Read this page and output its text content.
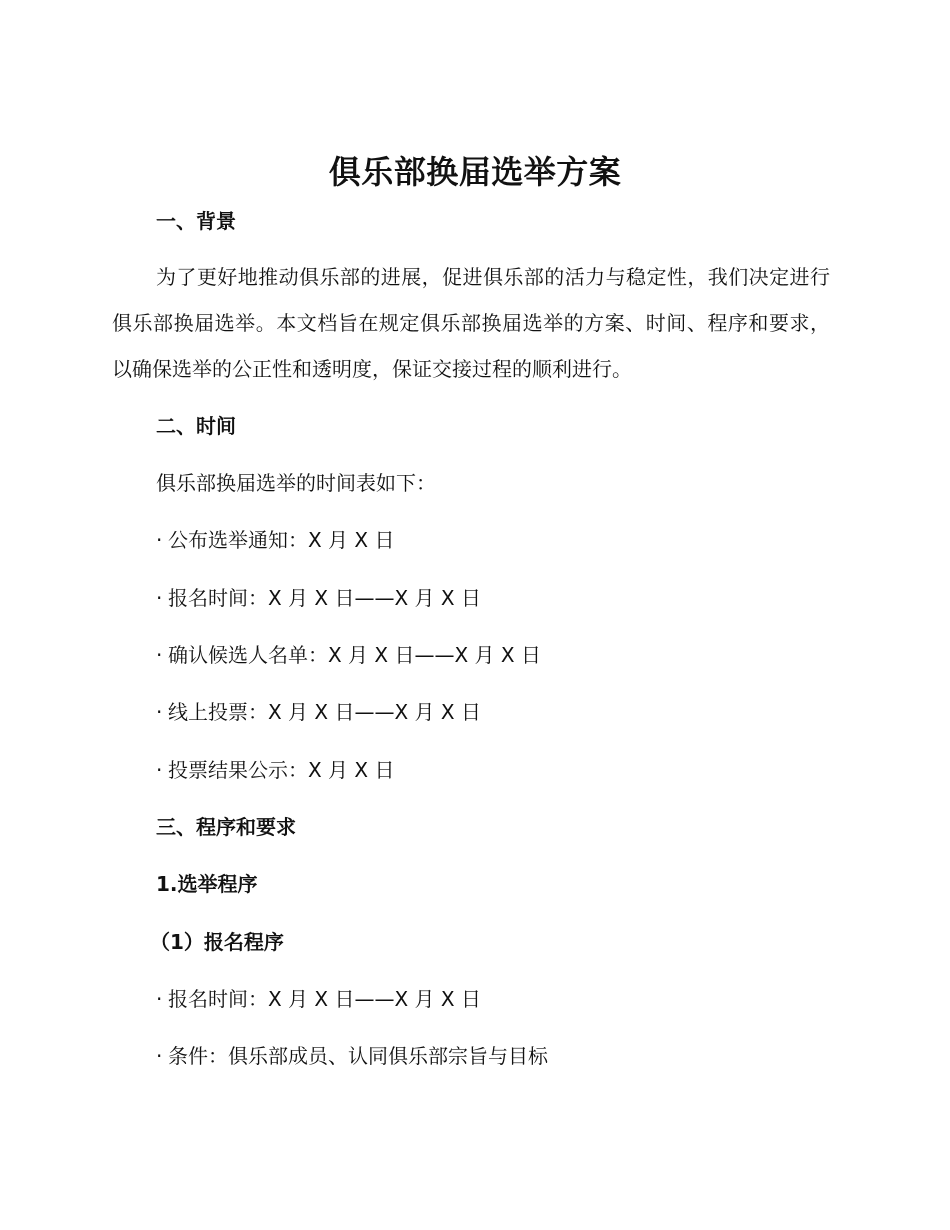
俱乐部换届选举方案
一、背景
为了更好地推动俱乐部的进展，促进俱乐部的活力与稳定性，我们决定进行俱乐部换届选举。本文档旨在规定俱乐部换届选举的方案、时间、程序和要求，以确保选举的公正性和透明度，保证交接过程的顺利进行。
二、时间
俱乐部换届选举的时间表如下：
· 公布选举通知：X 月 X 日
· 报名时间：X 月 X 日——X 月 X 日
· 确认候选人名单：X 月 X 日——X 月 X 日
· 线上投票：X 月 X 日——X 月 X 日
· 投票结果公示：X 月 X 日
三、程序和要求
1.选举程序
（1）报名程序
· 报名时间：X 月 X 日——X 月 X 日
· 条件：俱乐部成员、认同俱乐部宗旨与目标
